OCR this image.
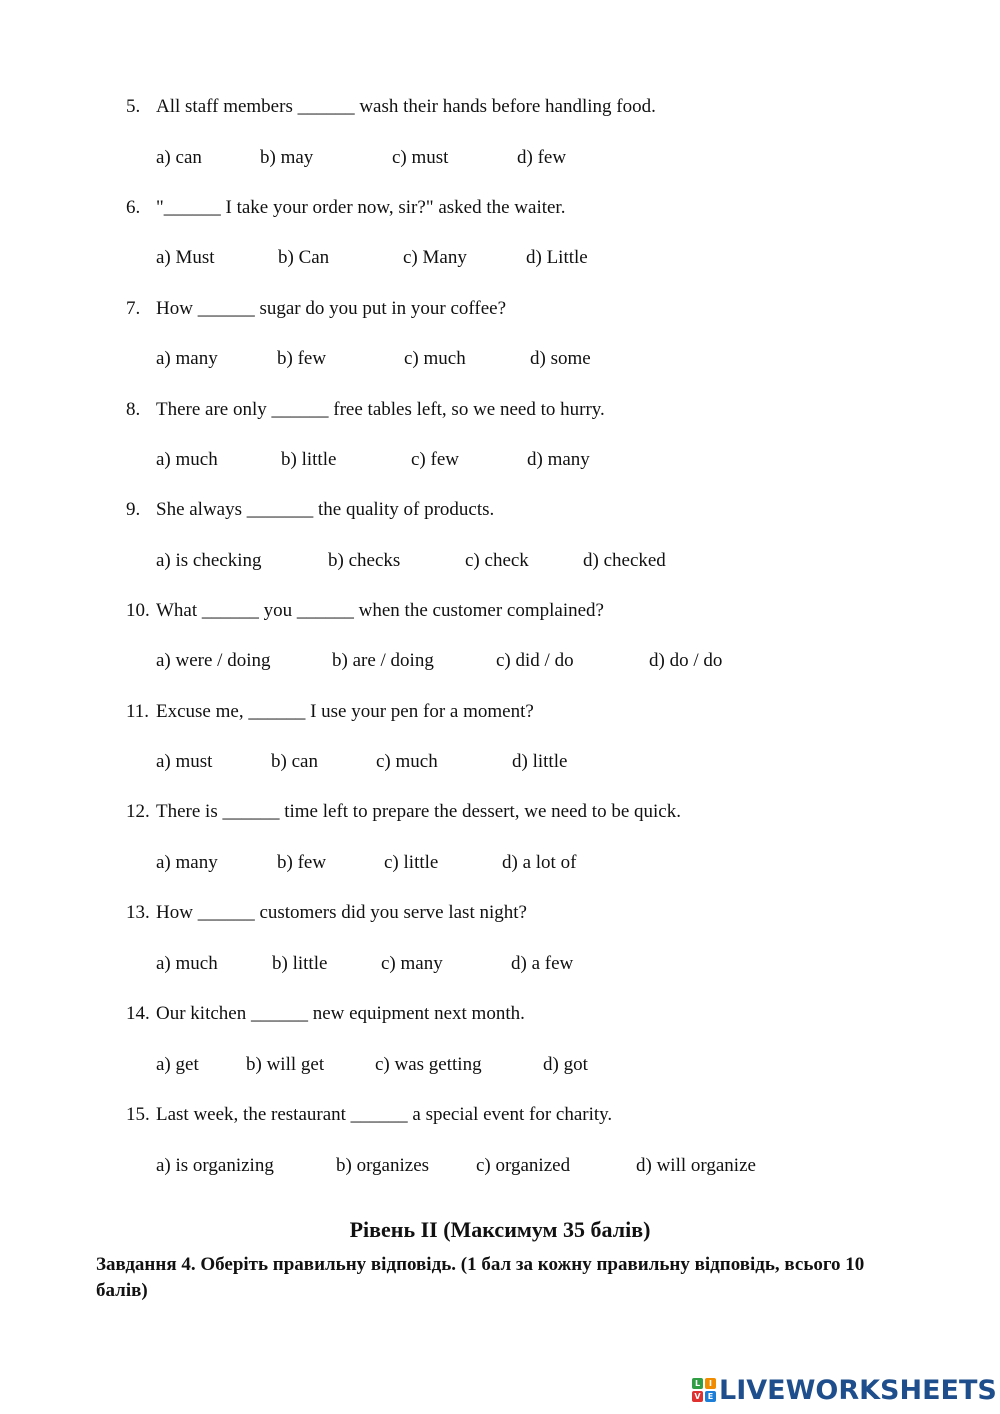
5. All staff members ______ wash their hands before handling food.
a) can	b) may	c) must	d) few
6. "______ I take your order now, sir?" asked the waiter.
a) Must	b) Can	c) Many	d) Little
7. How ______ sugar do you put in your coffee?
a) many	b) few	c) much	d) some
8. There are only ______ free tables left, so we need to hurry.
a) much	b) little	c) few	d) many
9. She always _______ the quality of products.
a) is checking	b) checks	c) check	d) checked
10. What ______ you ______ when the customer complained?
a) were / doing	b) are / doing	c) did / do	d) do / do
11. Excuse me, ______ I use your pen for a moment?
a) must	b) can	c) much	d) little
12. There is ______ time left to prepare the dessert, we need to be quick.
a) many	b) few	c) little	d) a lot of
13. How ______ customers did you serve last night?
a) much	b) little	c) many	d) a few
14. Our kitchen ______ new equipment next month.
a) get b) will get	c) was getting	d) got
15. Last week, the restaurant ______ a special event for charity.
a) is organizing	b) organizes c) organized	d) will organize
Рівень II (Максимум 35 балів)
Завдання 4. Оберіть правильну відповідь. (1 бал за кожну правильну відповідь, всього 10 балів)
L	I
V E LIVEWORKSHEETS
